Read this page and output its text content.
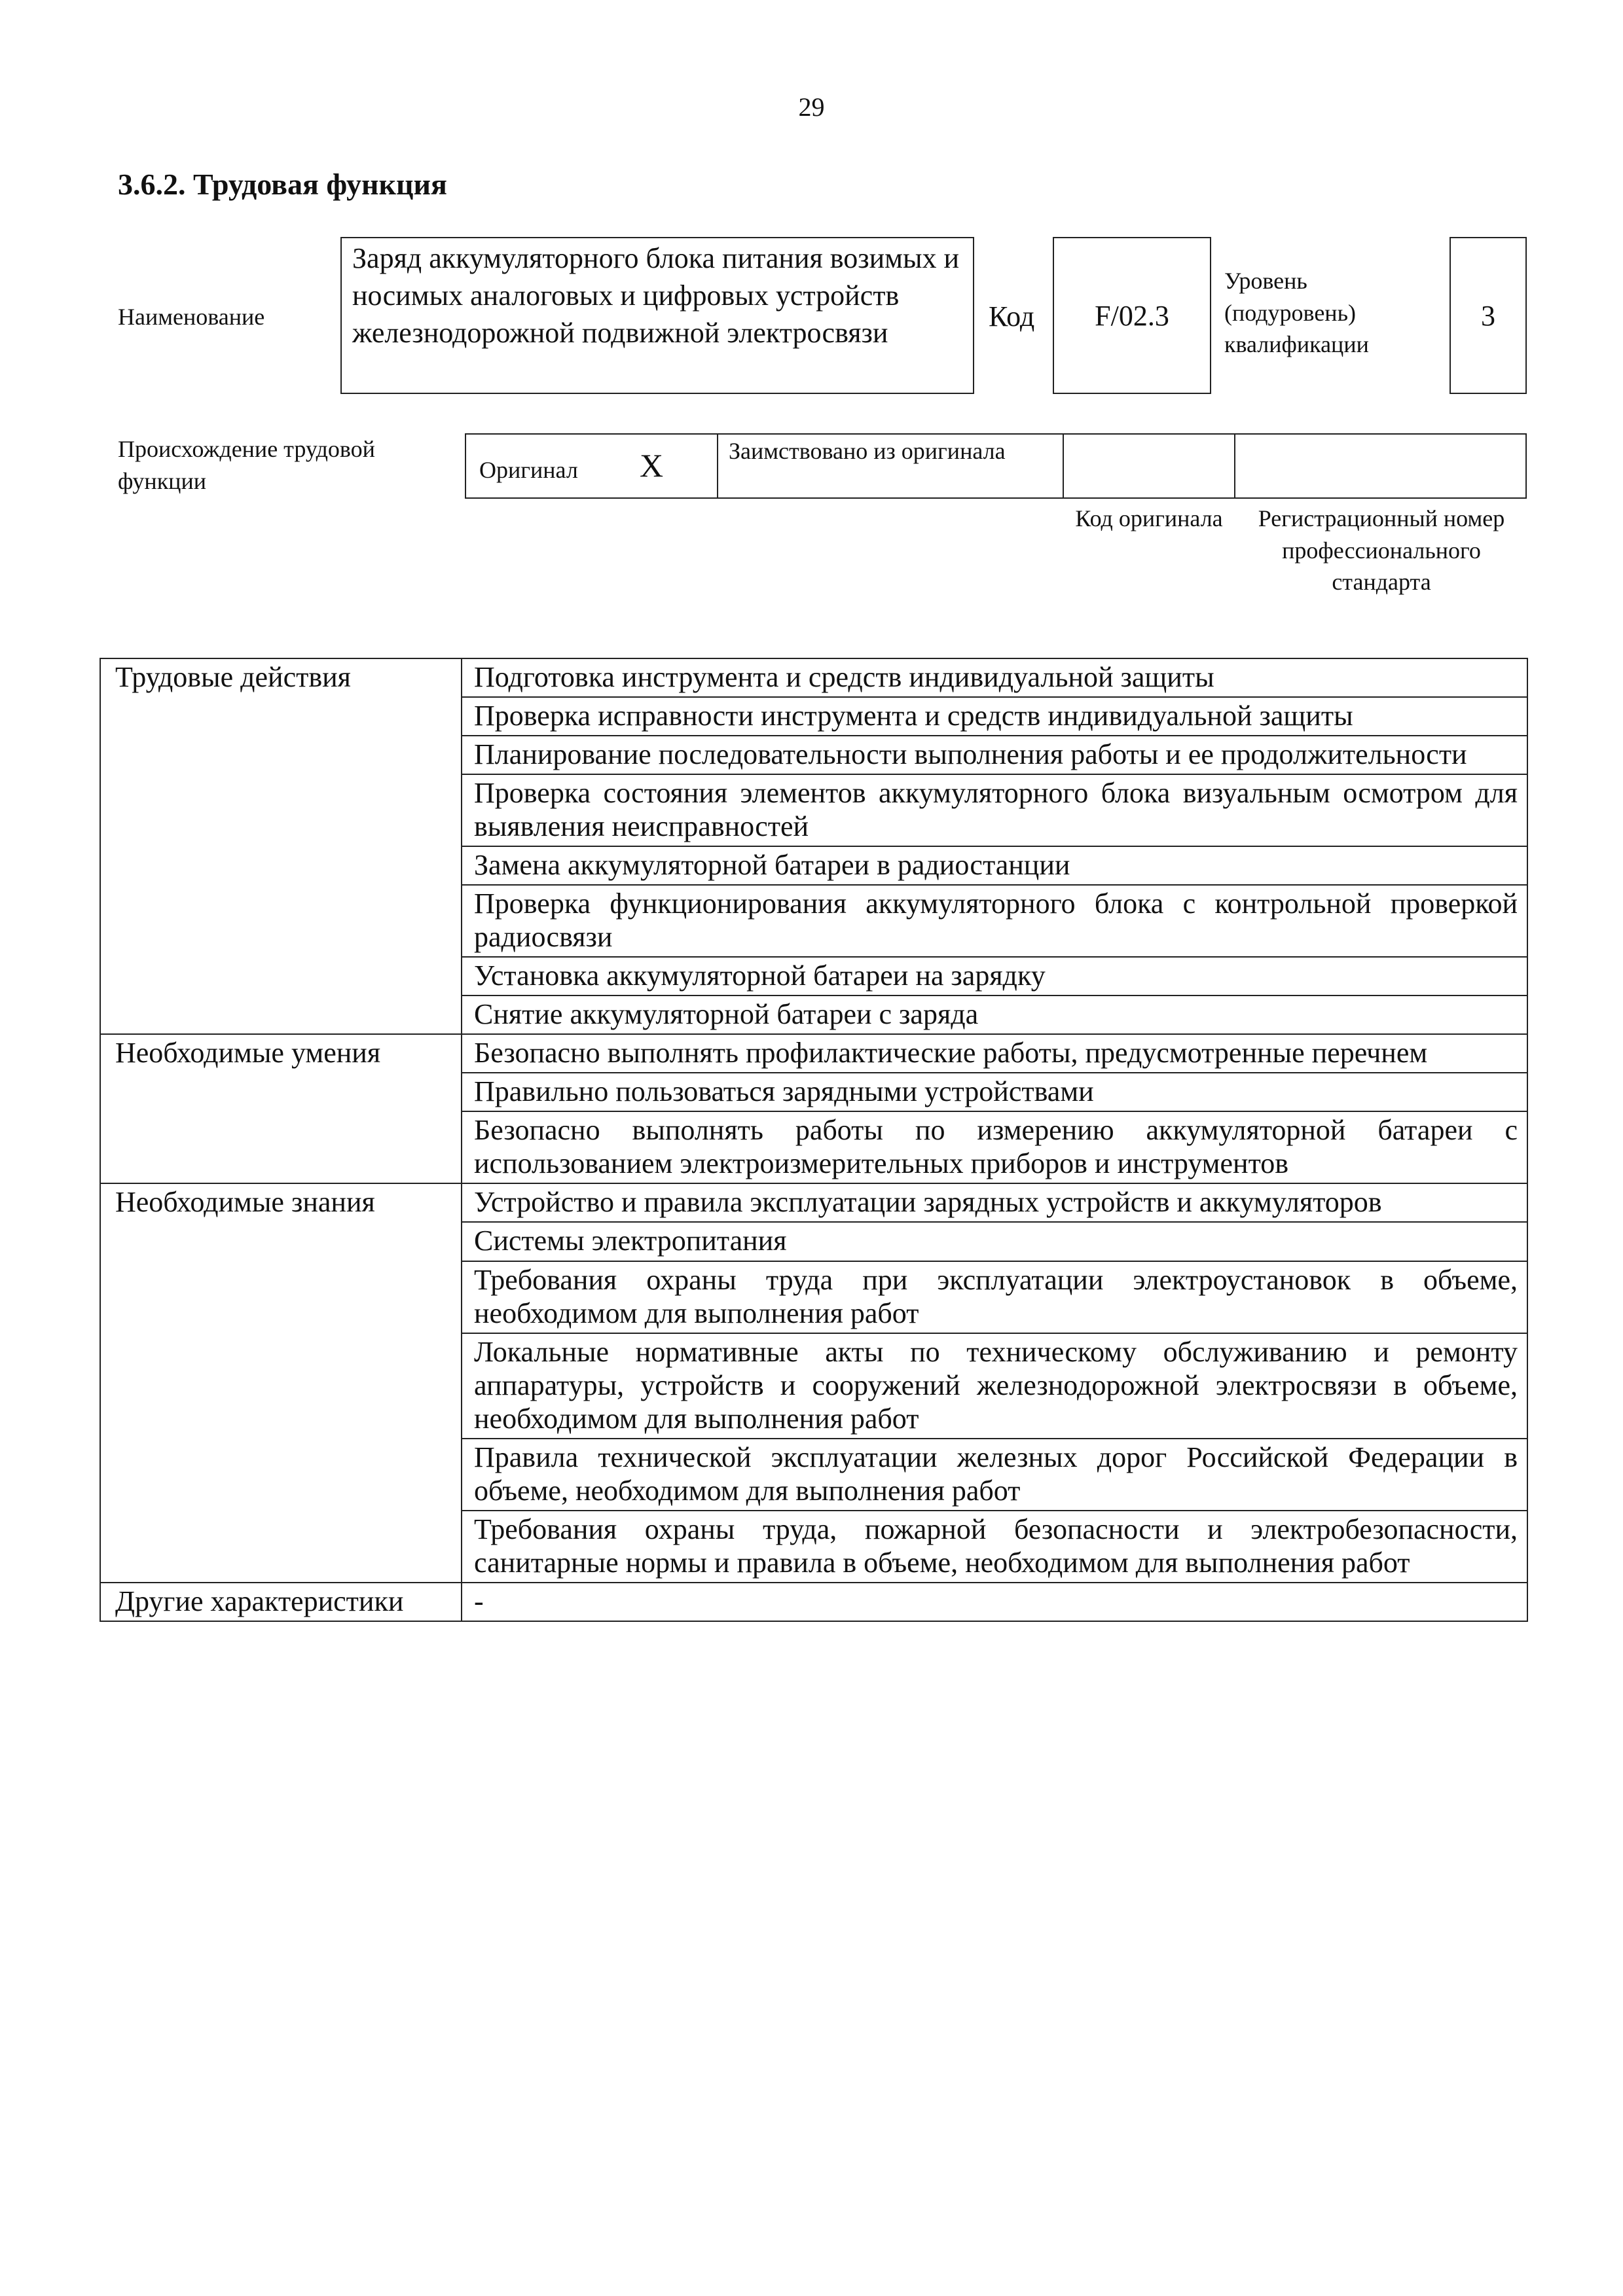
29
3.6.2. Трудовая функция
Наименование
Заряд аккумуляторного блока питания возимых и носимых аналоговых и цифровых устройств железнодорожной подвижной электросвязи
Код	F/02.3
Уровень (подуровень) квалификации
3
Происхождение трудовой функции	Оригинал X	Заимствовано из оригинала
Код оригинала	Регистрационный номер профессионального стандарта
Трудовые действия	Подготовка инструмента и средств индивидуальной защиты
	Проверка исправности инструмента и средств индивидуальной защиты
	Планирование последовательности выполнения работы и ее продолжительности
	Проверка состояния элементов аккумуляторного блока визуальным осмотром для выявления неисправностей
	Замена аккумуляторной батареи в радиостанции
	Проверка функционирования аккумуляторного блока с контрольной проверкой радиосвязи
	Установка аккумуляторной батареи на зарядку
	Снятие аккумуляторной батареи с заряда
Необходимые умения	Безопасно выполнять профилактические работы, предусмотренные перечнем
	Правильно пользоваться зарядными устройствами
	Безопасно выполнять работы по измерению аккумуляторной батареи с использованием электроизмерительных приборов и инструментов
Необходимые знания	Устройство и правила эксплуатации зарядных устройств и аккумуляторов
	Системы электропитания
	Требования охраны труда при эксплуатации электроустановок в объеме, необходимом для выполнения работ
	Локальные нормативные акты по техническому обслуживанию и ремонту аппаратуры, устройств и сооружений железнодорожной электросвязи в объеме, необходимом для выполнения работ
	Правила технической эксплуатации железных дорог Российской Федерации в объеме, необходимом для выполнения работ
	Требования охраны труда, пожарной безопасности и электробезопасности, санитарные нормы и правила в объеме, необходимом для выполнения работ
Другие характеристики	-
